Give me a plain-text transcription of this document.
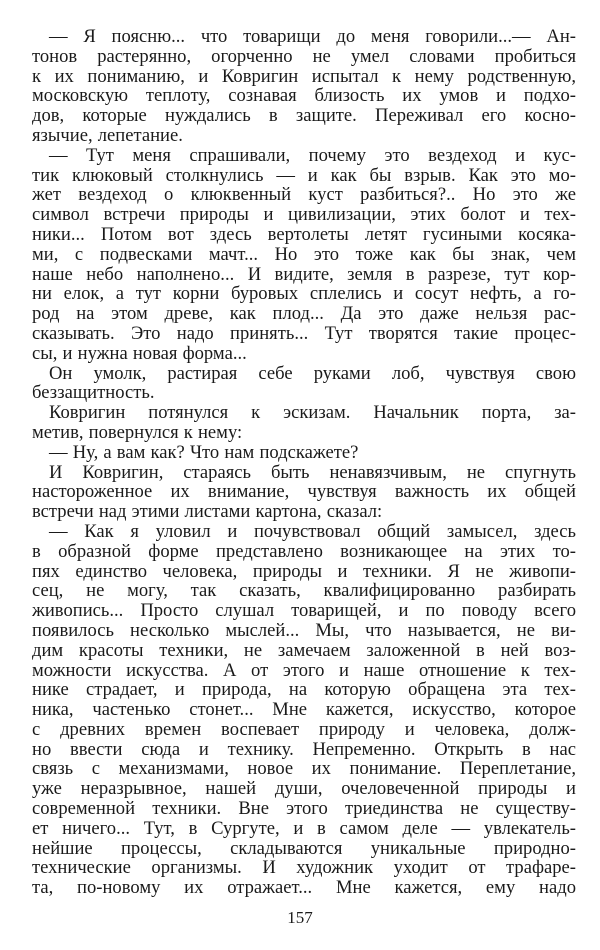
— Я поясню... что товарищи до меня говорили...— Ан-
тонов растерянно, огорченно не умел словами пробиться
к их пониманию, и Ковригин испытал к нему родственную,
московскую теплоту, сознавая близость их умов и подхо-
дов, которые нуждались в защите. Переживал его косно-
язычие, лепетание.
— Тут меня спрашивали, почему это вездеход и кус-
тик клюковый столкнулись — и как бы взрыв. Как это мо-
жет вездеход о клюквенный куст разбиться?.. Но это же
символ встречи природы и цивилизации, этих болот и тех-
ники... Потом вот здесь вертолеты летят гусиными косяка-
ми, с подвесками мачт... Но это тоже как бы знак, чем
наше небо наполнено... И видите, земля в разрезе, тут кор-
ни елок, а тут корни буровых сплелись и сосут нефть, а го-
род на этом древе, как плод... Да это даже нельзя рас-
сказывать. Это надо принять... Тут творятся такие процес-
сы, и нужна новая форма...
Он умолк, растирая себе руками лоб, чувствуя свою
беззащитность.
Ковригин потянулся к эскизам. Начальник порта, за-
метив, повернулся к нему:
— Ну, а вам как? Что нам подскажете?
И Ковригин, стараясь быть ненавязчивым, не спугнуть
настороженное их внимание, чувствуя важность их общей
встречи над этими листами картона, сказал:
— Как я уловил и почувствовал общий замысел, здесь
в образной форме представлено возникающее на этих то-
пях единство человека, природы и техники. Я не живопи-
сец, не могу, так сказать, квалифицированно разбирать
живопись... Просто слушал товарищей, и по поводу всего
появилось несколько мыслей... Мы, что называется, не ви-
дим красоты техники, не замечаем заложенной в ней воз-
можности искусства. А от этого и наше отношение к тех-
нике страдает, и природа, на которую обращена эта тех-
ника, частенько стонет... Мне кажется, искусство, которое
с древних времен воспевает природу и человека, долж-
но ввести сюда и технику. Непременно. Открыть в нас
связь с механизмами, новое их понимание. Переплетание,
уже неразрывное, нашей души, очеловеченной природы и
современной техники. Вне этого триединства не существу-
ет ничего... Тут, в Сургуте, и в самом деле — увлекатель-
нейшие процессы, складываются уникальные природно-
технические организмы. И художник уходит от трафаре-
та, по-новому их отражает... Мне кажется, ему надо
157
